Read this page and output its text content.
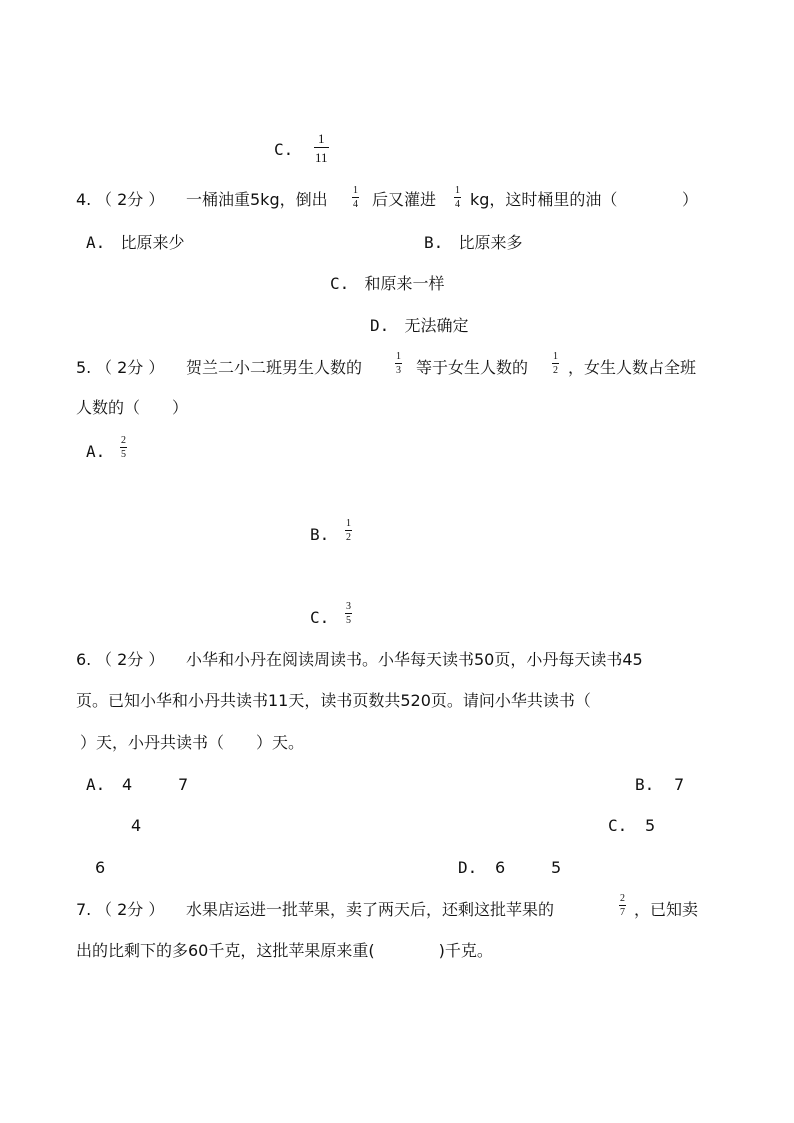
C.
1
11
4. （ 2分 ） 一桶油重5kg，倒出	1
4 后又灌进 1
4 kg，这时桶里的油（	）
A. 比原来少	B. 比原来多
C. 和原来一样
D. 无法确定
5. （ 2分 ） 贺兰二小二班男生人数的
1
3 等于女生人数的
1
2 ，女生人数占全班
人数的（　　）
A.
2
5
B.
1
2
C.
3
5
6. （ 2分 ） 小华和小丹在阅读周读书。小华每天读书50页，小丹每天读书45
页。已知小华和小丹共读书11天，读书页数共520页。请问小华共读书（
）天，小丹共读书（　　）天。
A. 4	7	B. 7
4	C. 5
6	D. 6	5
7. （ 2分 ） 水果店运进一批苹果，卖了两天后，还剩这批苹果的
2
7 ，已知卖
出的比剩下的多60千克，这批苹果原来重(　　　　)千克。
